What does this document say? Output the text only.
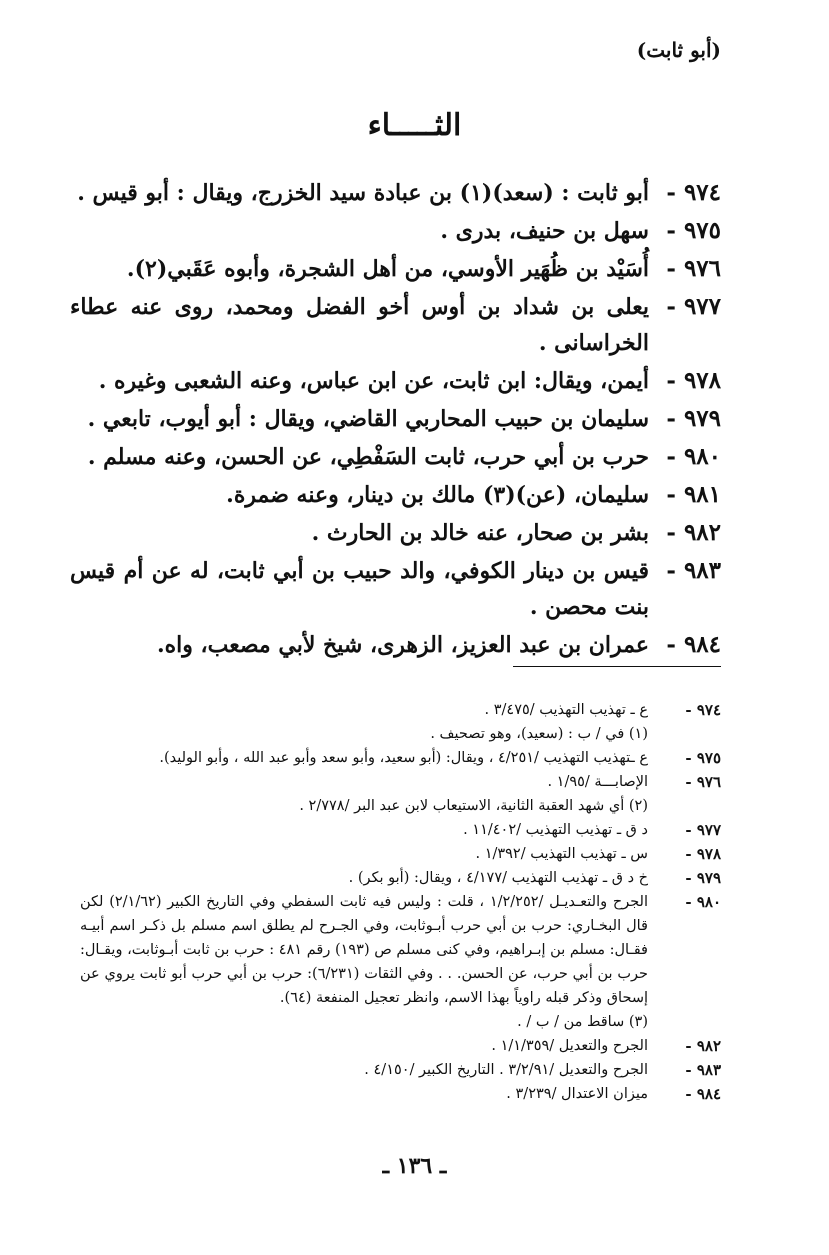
(أبو ثابت)
الثـــــاء
٩٧٤ -
أبو ثابت : (سعد)(١) بن عبادة سيد الخزرج، ويقال : أبو قيس .
٩٧٥ -
سهل بن حنيف، بدرى .
٩٧٦ -
أُسَيْد بن ظُهَير الأوسي، من أهل الشجرة، وأبوه عَقَبي(٢).
٩٧٧ -
يعلى بن شداد بن أوس أخو الفضل ومحمد، روى عنه عطاء الخراسانى .
٩٧٨ -
أيمن، ويقال: ابن ثابت، عن ابن عباس، وعنه الشعبى وغيره .
٩٧٩ -
سليمان بن حبيب المحاربي القاضي، ويقال : أبو أيوب، تابعي .
٩٨٠ -
حرب بن أبي حرب، ثابت السَفْطِي، عن الحسن، وعنه مسلم .
٩٨١ -
سليمان، (عن)(٣) مالك بن دينار، وعنه ضمرة.
٩٨٢ -
بشر بن صحار، عنه خالد بن الحارث .
٩٨٣ -
قيس بن دينار الكوفي، والد حبيب بن أبي ثابت، له عن أم قيس بنت محصن .
٩٨٤ -
عمران بن عبد العزيز، الزهرى، شيخ لأبي مصعب، واه.
٩٧٤ -
ع ـ تهذيب التهذيب /٣/٤٧٥ .
(١) في / ب : (سعيد)، وهو تصحيف .
٩٧٥ -
ع ـتهذيب التهذيب /٤/٢٥١ ، ويقال: (أبو سعيد، وأبو سعد وأبو عبد الله ، وأبو الوليد).
٩٧٦ -
الإصابـــة /١/٩٥ .
(٢) أي شهد العقبة الثانية، الاستيعاب لابن عبد البر /٢/٧٧٨ .
٩٧٧ -
د ق ـ تهذيب التهذيب /١١/٤٠٢ .
٩٧٨ -
س ـ تهذيب التهذيب /١/٣٩٢ .
٩٧٩ -
خ د ق ـ تهذيب التهذيب /٤/١٧٧ ، ويقال: (أبو بكر) .
٩٨٠ -
الجرح والتعـديـل /١/٢/٢٥٢ ، قلت : وليس فيه ثابت السفطي وفي التاريخ الكبير (٢/١/٦٢) لكن قال البخـاري: حرب بن أبي حرب أبـوثابت، وفي الجـرح لم يطلق اسم مسلم بل ذكـر اسم أبيـه فقـال: مسلم بن إبـراهيم، وفي كنى مسلم ص (١٩٣) رقم ٤٨١ : حرب بن ثابت أبـوثابت، ويقـال: حرب بن أبي حرب، عن الحسن. . . وفي الثقات (٦/٢٣١): حرب بن أبي حرب أبو ثابت يروي عن إسحاق وذكر قبله راوياً بهذا الاسم، وانظر تعجيل المنفعة (٦٤).
(٣) ساقط من / ب / .
٩٨٢ -
الجرح والتعديل /١/١/٣٥٩ .
٩٨٣ -
الجرح والتعديل /٣/٢/٩١ . التاريخ الكبير /٤/١٥٠ .
٩٨٤ -
ميزان الاعتدال /٣/٢٣٩ .
ـ ١٣٦ ـ
